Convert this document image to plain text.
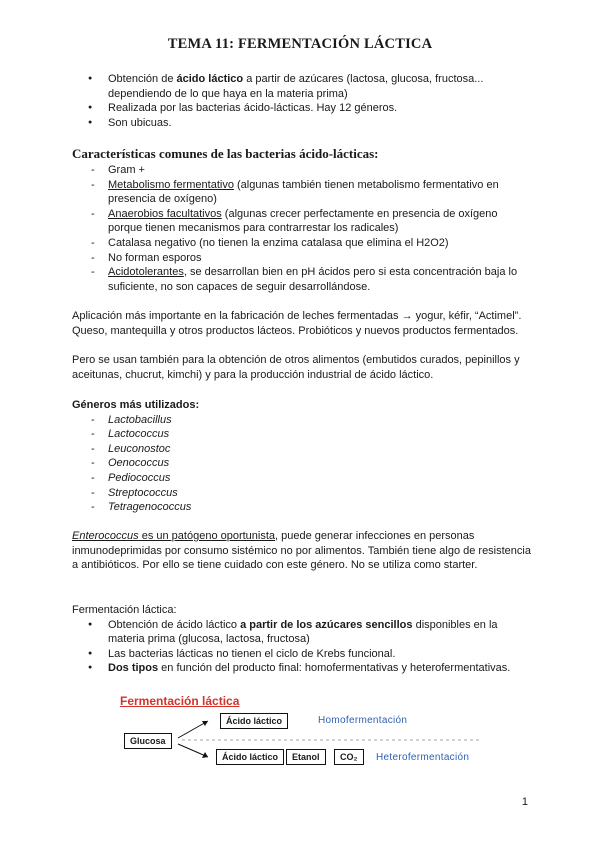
TEMA 11: FERMENTACIÓN LÁCTICA
● Obtención de ácido láctico a partir de azúcares (lactosa, glucosa, fructosa... dependiendo de lo que haya en la materia prima)
● Realizada por las bacterias ácido-lácticas. Hay 12 géneros.
● Son ubicuas.
Características comunes de las bacterias ácido-lácticas:
- Gram +
- Metabolismo fermentativo (algunas también tienen metabolismo fermentativo en presencia de oxígeno)
- Anaerobios facultativos (algunas crecer perfectamente en presencia de oxígeno porque tienen mecanismos para contrarrestar los radicales)
- Catalasa negativo (no tienen la enzima catalasa que elimina el H2O2)
- No forman esporos
- Acidotolerantes, se desarrollan bien en pH ácidos pero si esta concentración baja lo suficiente, no son capaces de seguir desarrollándose.

Aplicación más importante en la fabricación de leches fermentadas → yogur, kéfir, “Actimel”. Queso, mantequilla y otros productos lácteos. Probióticos y nuevos productos fermentados.

Pero se usan también para la obtención de otros alimentos (embutidos curados, pepinillos y aceitunas, chucrut, kimchi) y para la producción industrial de ácido láctico.

Géneros más utilizados:
- Lactobacillus
- Lactococcus
- Leuconostoc
- Oenococcus
- Pediococcus
- Streptococcus
- Tetragenococcus

Enterococcus es un patógeno oportunista, puede generar infecciones en personas inmunodeprimidas por consumo sistémico no por alimentos. También tiene algo de resistencia a antibióticos. Por ello se tiene cuidado con este género. No se utiliza como starter.

Fermentación láctica:

● Obtención de ácido láctico a partir de los azúcares sencillos disponibles en la materia prima (glucosa, lactosa, fructosa)
● Las bacterias lácticas no tienen el ciclo de Krebs funcional.
● Dos tipos en función del producto final: homofermentativas y heterofermentativas.
Fermentación láctica
Glucosa
Ácido láctico
Ácido láctico	Etanol	CO₂
Homofermentación
Heterofermentación
1
